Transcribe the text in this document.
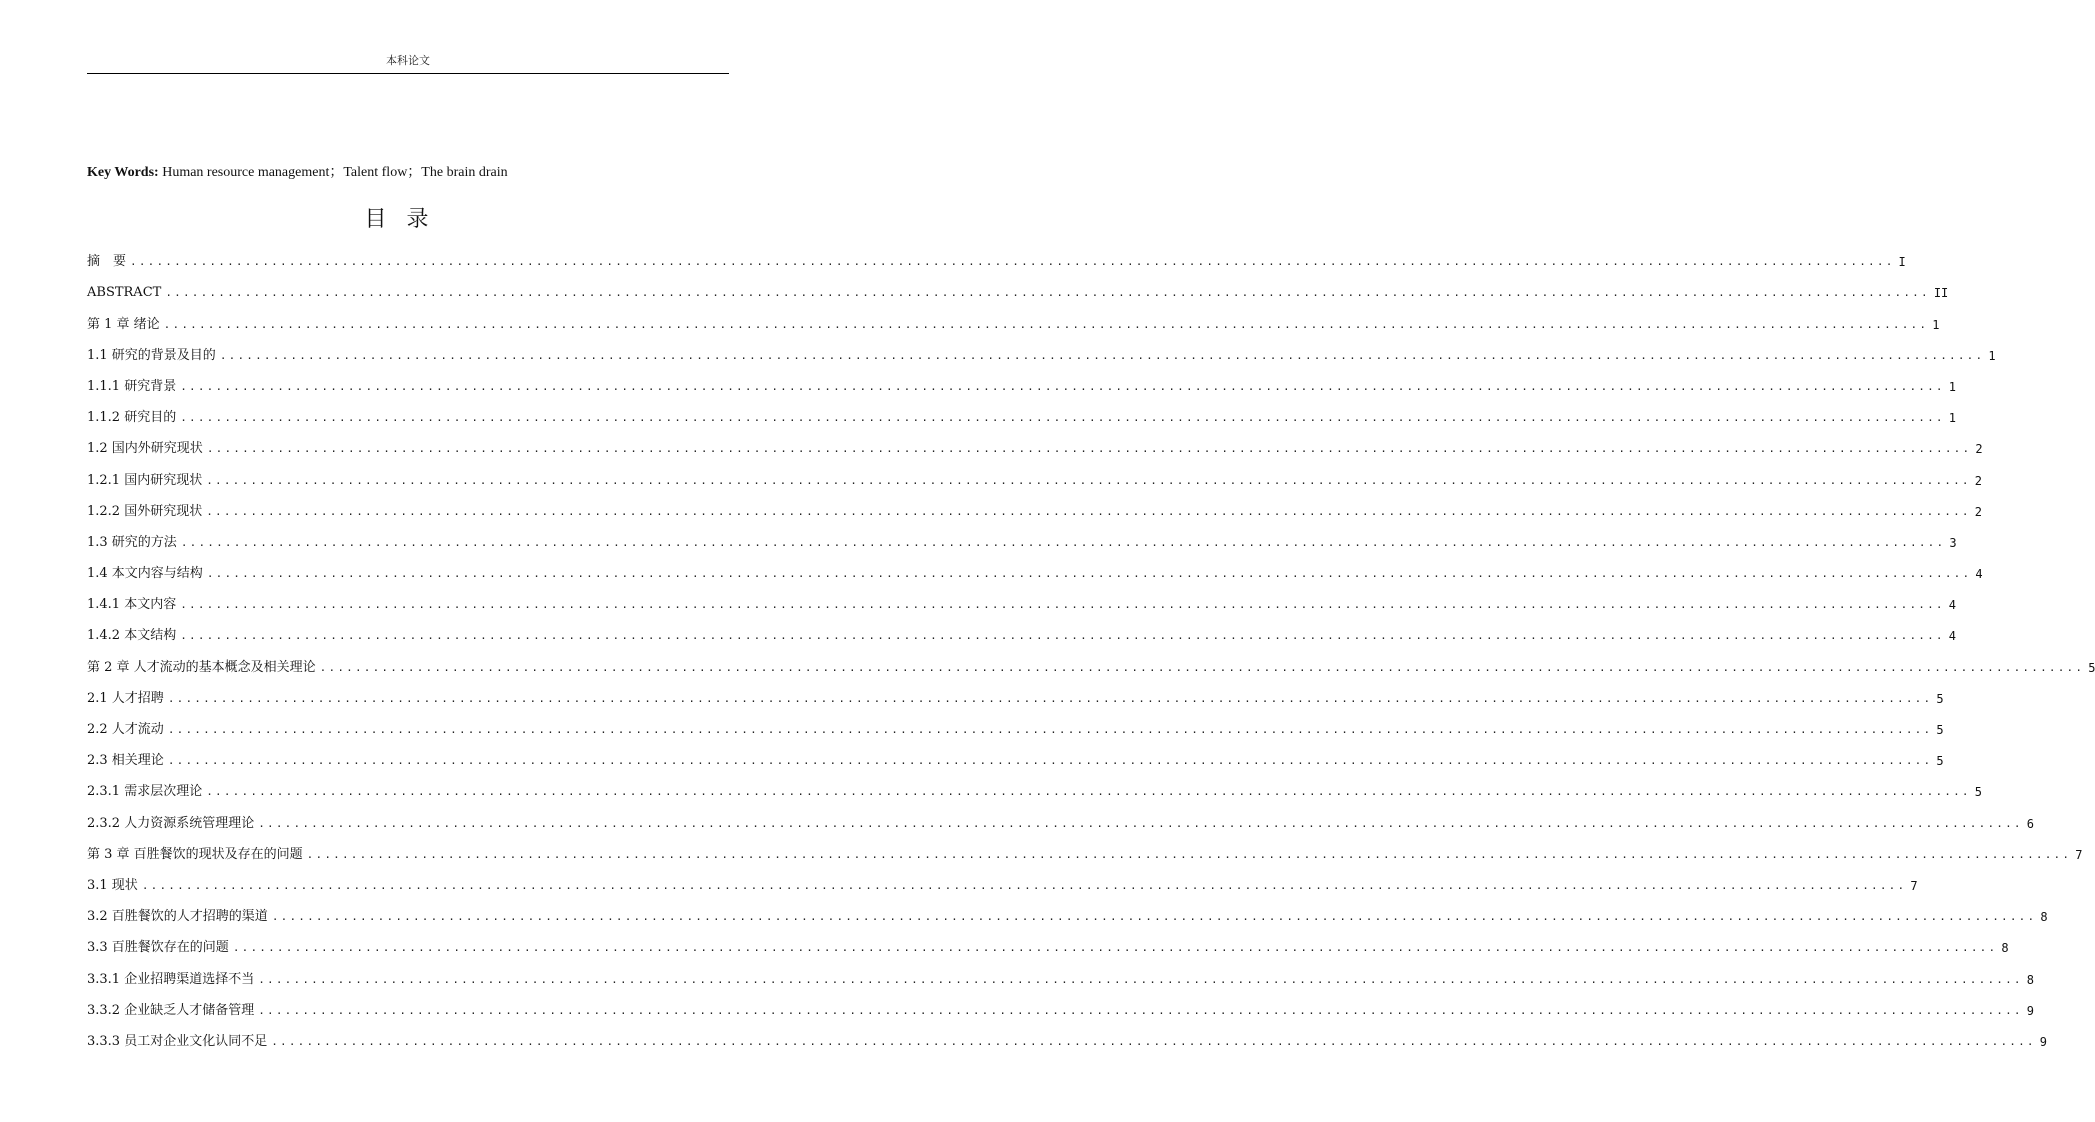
本科论文
Key Words: Human resource management；Talent flow；The brain drain
目录
摘　要 ........................................................................................................................................................................................................ I
ABSTRACT ........................................................................................................................................................................................................ II
第 1 章 绪论 ........................................................................................................................................................................................................ 1
1.1 研究的背景及目的 ........................................................................................................................................................................................................ 1
1.1.1 研究背景 ........................................................................................................................................................................................................ 1
1.1.2 研究目的 ........................................................................................................................................................................................................ 1
1.2 国内外研究现状 ........................................................................................................................................................................................................ 2
1.2.1 国内研究现状 ........................................................................................................................................................................................................ 2
1.2.2 国外研究现状 ........................................................................................................................................................................................................ 2
1.3 研究的方法 ........................................................................................................................................................................................................ 3
1.4 本文内容与结构 ........................................................................................................................................................................................................ 4
1.4.1 本文内容 ........................................................................................................................................................................................................ 4
1.4.2 本文结构 ........................................................................................................................................................................................................ 4
第 2 章 人才流动的基本概念及相关理论 ........................................................................................................................................................................................................ 5
2.1 人才招聘 ........................................................................................................................................................................................................ 5
2.2 人才流动 ........................................................................................................................................................................................................ 5
2.3 相关理论 ........................................................................................................................................................................................................ 5
2.3.1 需求层次理论 ........................................................................................................................................................................................................ 5
2.3.2 人力资源系统管理理论 ........................................................................................................................................................................................................ 6
第 3 章 百胜餐饮的现状及存在的问题 ........................................................................................................................................................................................................ 7
3.1 现状 ........................................................................................................................................................................................................ 7
3.2 百胜餐饮的人才招聘的渠道 ........................................................................................................................................................................................................ 8
3.3 百胜餐饮存在的问题 ........................................................................................................................................................................................................ 8
3.3.1 企业招聘渠道选择不当 ........................................................................................................................................................................................................ 8
3.3.2 企业缺乏人才储备管理 ........................................................................................................................................................................................................ 9
3.3.3 员工对企业文化认同不足 ........................................................................................................................................................................................................ 9
